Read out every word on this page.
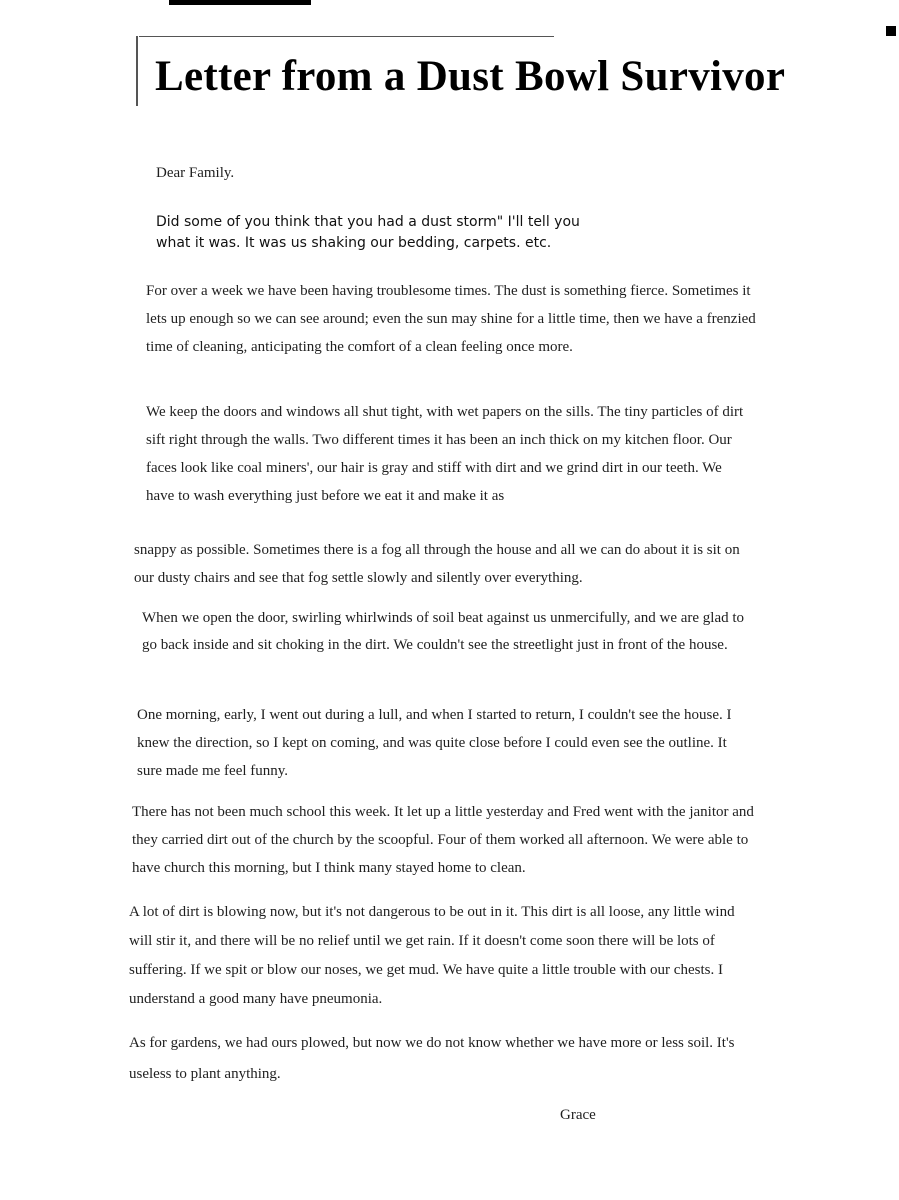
Letter from a Dust Bowl Survivor

Dear Family.

Did some of you think that you had a dust storm" I'll tell you what it was. It was us shaking our bedding, carpets. etc.

For over a week we have been having troublesome times. The dust is something fierce. Sometimes it lets up enough so we can see around; even the sun may shine for a little time, then we have a frenzied time of cleaning, anticipating the comfort of a clean feeling once more.

We keep the doors and windows all shut tight, with wet papers on the sills. The tiny particles of dirt sift right through the walls. Two different times it has been an inch thick on my kitchen floor. Our faces look like coal miners', our hair is gray and stiff with dirt and we grind dirt in our teeth. We have to wash everything just before we eat it and make it as

snappy as possible. Sometimes there is a fog all through the house and all we can do about it is sit on our dusty chairs and see that fog settle slowly and silently over everything.

When we open the door, swirling whirlwinds of soil beat against us unmercifully, and we are glad to go back inside and sit choking in the dirt. We couldn't see the streetlight just in front of the house.

One morning, early, I went out during a lull, and when I started to return, I couldn't see the house. I knew the direction, so I kept on coming, and was quite close before I could even see the outline. It sure made me feel funny.

There has not been much school this week. It let up a little yesterday and Fred went with the janitor and they carried dirt out of the church by the scoopful. Four of them worked all afternoon. We were able to have church this morning, but I think many stayed home to clean.

A lot of dirt is blowing now, but it's not dangerous to be out in it. This dirt is all loose, any little wind will stir it, and there will be no relief until we get rain. If it doesn't come soon there will be lots of suffering. If we spit or blow our noses, we get mud. We have quite a little trouble with our chests. I understand a good many have pneumonia.

As for gardens, we had ours plowed, but now we do not know whether we have more or less soil. It's useless to plant anything.

Grace
